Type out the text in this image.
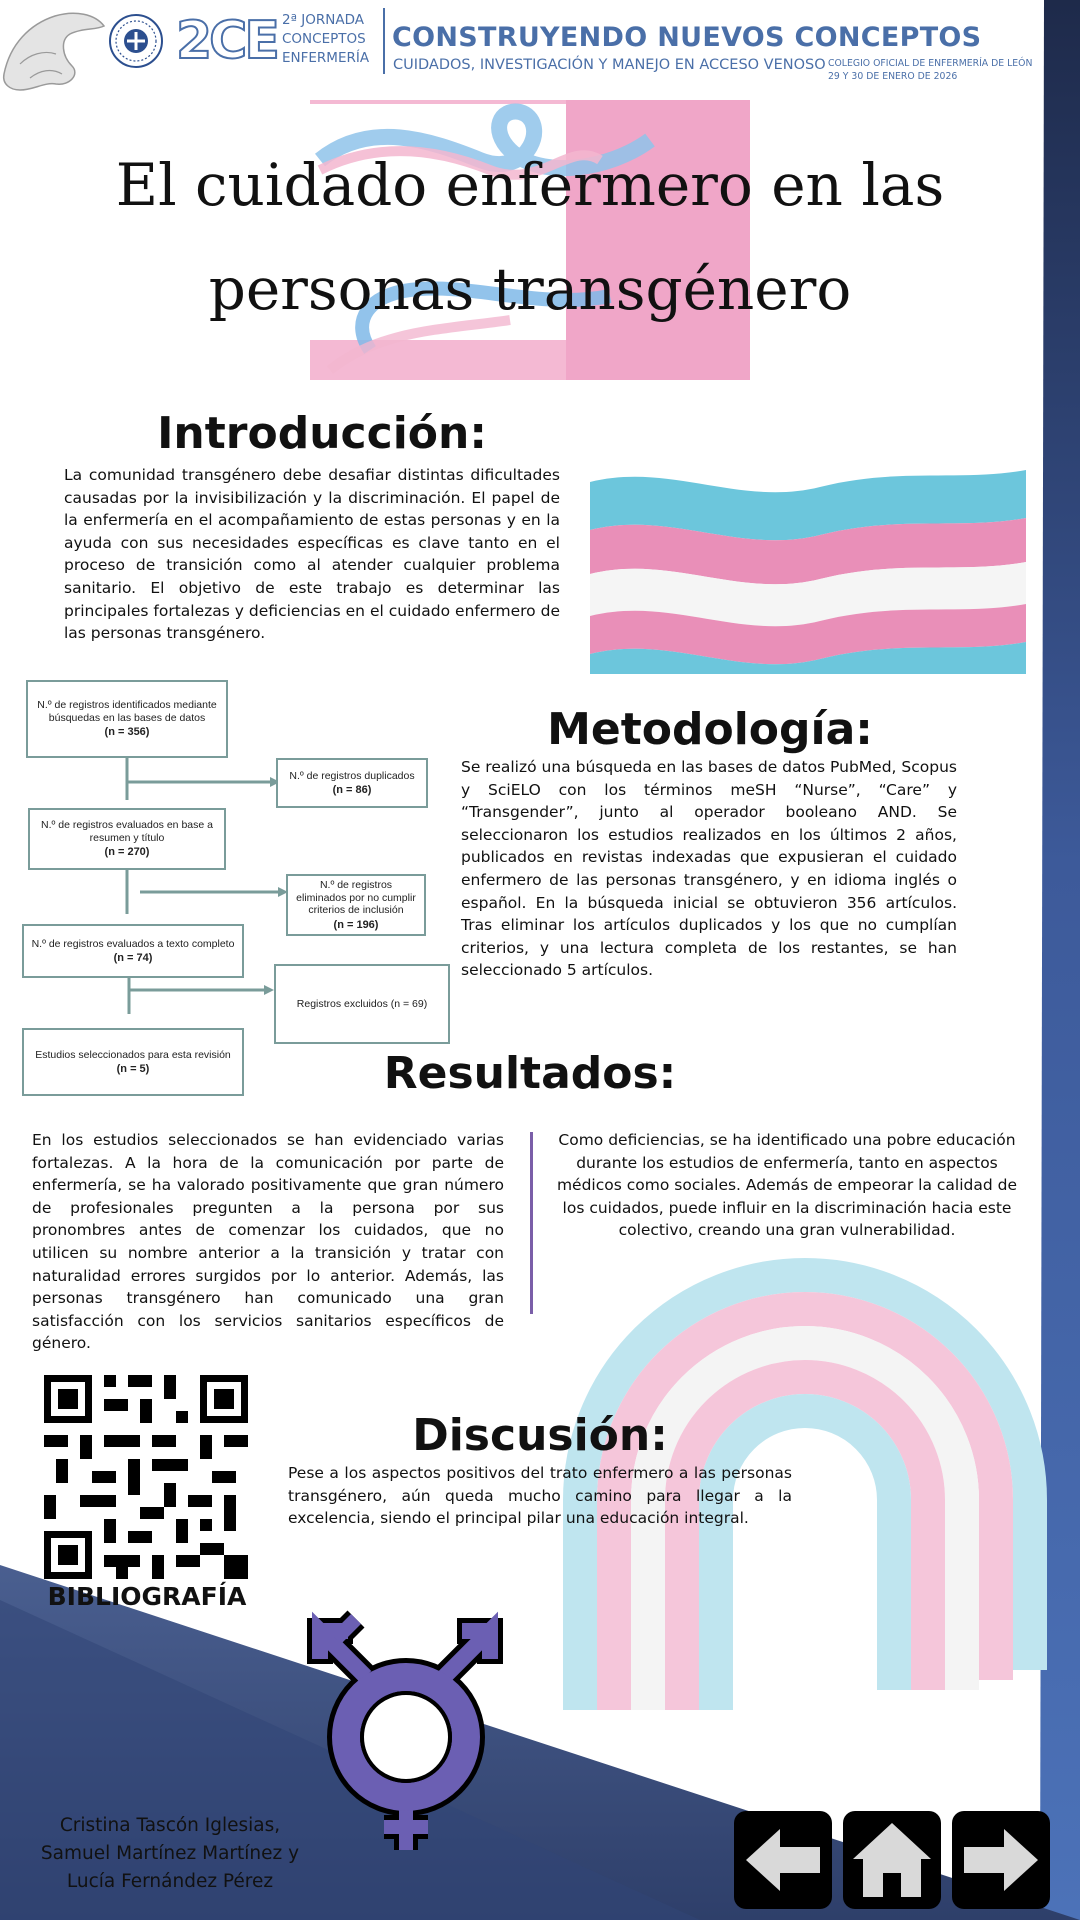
2CE 2ª JORNADA
CONCEPTOS
ENFERMERÍA
CONSTRUYENDO NUEVOS CONCEPTOS
CUIDADOS, INVESTIGACIÓN Y MANEJO EN ACCESO VENOSO COLEGIO OFICIAL DE ENFERMERÍA DE LEÓN
29 Y 30 DE ENERO DE 2026
El cuidado enfermero en las
personas transgénero
Introducción:
La comunidad transgénero debe desafiar distintas dificultades causadas por la invisibilización y la discriminación. El papel de la enfermería en el acompañamiento de estas personas y en la ayuda con sus necesidades específicas es clave tanto en el proceso de transición como al atender cualquier problema sanitario. El objetivo de este trabajo es determinar las principales fortalezas y deficiencias en el cuidado enfermero de las personas transgénero.
N.º de registros identificados mediante búsquedas en las bases de datos
(n = 356)
N.º de registros duplicados
(n = 86)
N.º de registros evaluados en base a resumen y título
(n = 270)
N.º de registros eliminados por no cumplir criterios de inclusión
(n = 196)
N.º de registros evaluados a texto completo
(n = 74)
Registros excluidos (n = 69)
Estudios seleccionados para esta revisión
(n = 5)
Metodología:
Se realizó una búsqueda en las bases de datos PubMed, Scopus y SciELO con los términos meSH “Nurse”, “Care” y “Transgender”, junto al operador booleano AND. Se seleccionaron los estudios realizados en los últimos 2 años, publicados en revistas indexadas que expusieran el cuidado enfermero de las personas transgénero, y en idioma inglés o español. En la búsqueda inicial se obtuvieron 356 artículos. Tras eliminar los artículos duplicados y los que no cumplían criterios, y una lectura completa de los restantes, se han seleccionado 5 artículos.
Resultados:
En los estudios seleccionados se han evidenciado varias fortalezas. A la hora de la comunicación por parte de enfermería, se ha valorado positivamente que gran número de profesionales pregunten a la persona por sus pronombres antes de comenzar los cuidados, que no utilicen su nombre anterior a la transición y tratar con naturalidad errores surgidos por lo anterior. Además, las personas transgénero han comunicado una gran satisfacción con los servicios sanitarios específicos de género.
Como deficiencias, se ha identificado una pobre educación durante los estudios de enfermería, tanto en aspectos médicos como sociales. Además de empeorar la calidad de los cuidados, puede influir en la discriminación hacia este colectivo, creando una gran vulnerabilidad.
BIBLIOGRAFÍA
Discusión:
Pese a los aspectos positivos del trato enfermero a las personas transgénero, aún queda mucho camino para llegar a la excelencia, siendo el principal pilar una educación integral.
Cristina Tascón Iglesias,
Samuel Martínez Martínez y
Lucía Fernández Pérez
